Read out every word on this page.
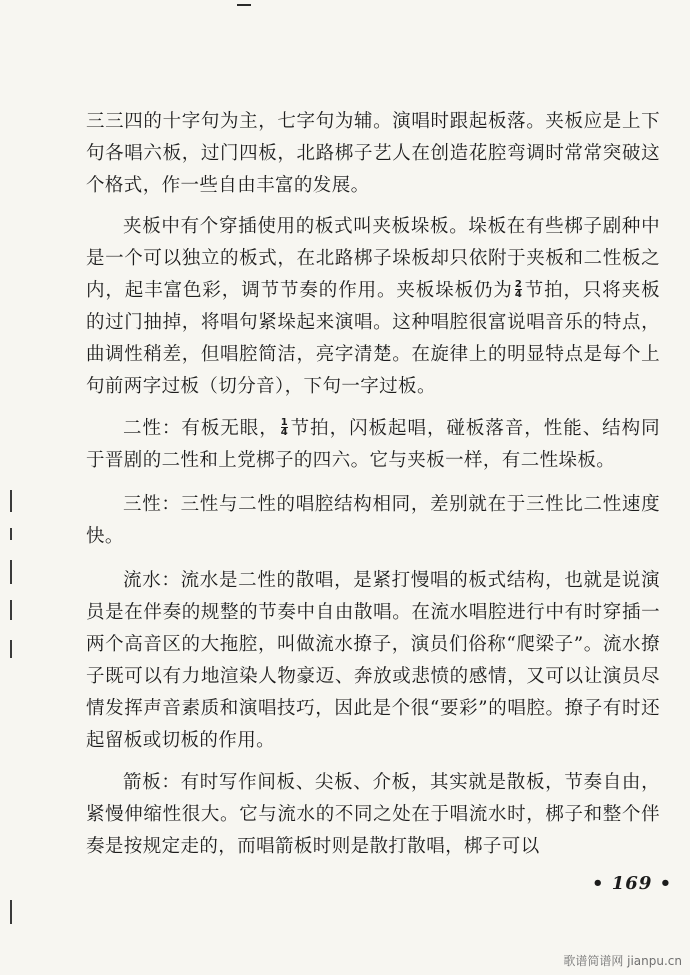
三三四的十字句为主，七字句为辅。演唱时跟起板落。夹板应是上下句各唱六板，过门四板，北路梆子艺人在创造花腔弯调时常常突破这个格式，作一些自由丰富的发展。

夹板中有个穿插使用的板式叫夹板垛板。垛板在有些梆子剧种中是一个可以独立的板式，在北路梆子垛板却只依附于夹板和二性板之内，起丰富色彩，调节节奏的作用。夹板垛板仍为 $\frac{2}{4}$ 节拍，只将夹板的过门抽掉，将唱句紧垛起来演唱。这种唱腔很富说唱音乐的特点，曲调性稍差，但唱腔简洁，亮字清楚。在旋律上的明显特点是每个上句前两字过板（切分音），下句一字过板。

二性：有板无眼， $\frac{1}{4}$ 节拍，闪板起唱，碰板落音，性能、结构同于晋剧的二性和上党梆子的四六。它与夹板一样，有二性垛板。

三性：三性与二性的唱腔结构相同，差别就在于三性比二性速度快。

流水：流水是二性的散唱，是紧打慢唱的板式结构，也就是说演员是在伴奏的规整的节奏中自由散唱。在流水唱腔进行中有时穿插一两个高音区的大拖腔，叫做流水撩子，演员们俗称“爬梁子”。流水撩子既可以有力地渲染人物豪迈、奔放或悲愤的感情，又可以让演员尽情发挥声音素质和演唱技巧，因此是个很“要彩”的唱腔。撩子有时还起留板或切板的作用。

箭板：有时写作间板、尖板、介板，其实就是散板，节奏自由，紧慢伸缩性很大。它与流水的不同之处在于唱流水时，梆子和整个伴奏是按规定走的，而唱箭板时则是散打散唱，梆子可以

• 169 •
歌谱简谱网 jianpu.cn
